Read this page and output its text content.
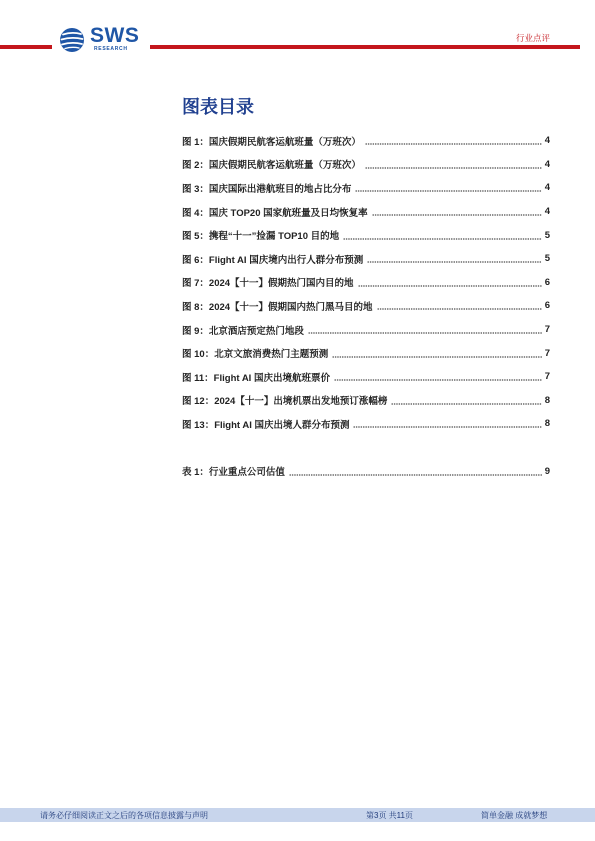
SWS
RESEARCH
行业点评
图表目录
图 1：国庆假期民航客运航班量（万班次）	4
图 2：国庆假期民航客运航班量（万班次）	4
图 3：国庆国际出港航班目的地占比分布	4
图 4：国庆 TOP20 国家航班量及日均恢复率	4
图 5：携程“十一”捡漏 TOP10 目的地	5
图 6：Flight AI 国庆境内出行人群分布预测	5
图 7：2024【十一】假期热门国内目的地	6
图 8：2024【十一】假期国内热门黑马目的地	6
图 9：北京酒店预定热门地段	7
图 10：北京文旅消费热门主题预测	7
图 11：Flight AI 国庆出境航班票价	7
图 12：2024【十一】出境机票出发地预订涨幅榜	8
图 13：Flight AI 国庆出境人群分布预测	8
表 1：行业重点公司估值	9
请务必仔细阅读正文之后的各项信息披露与声明	第3页 共11页	简单金融 成就梦想
